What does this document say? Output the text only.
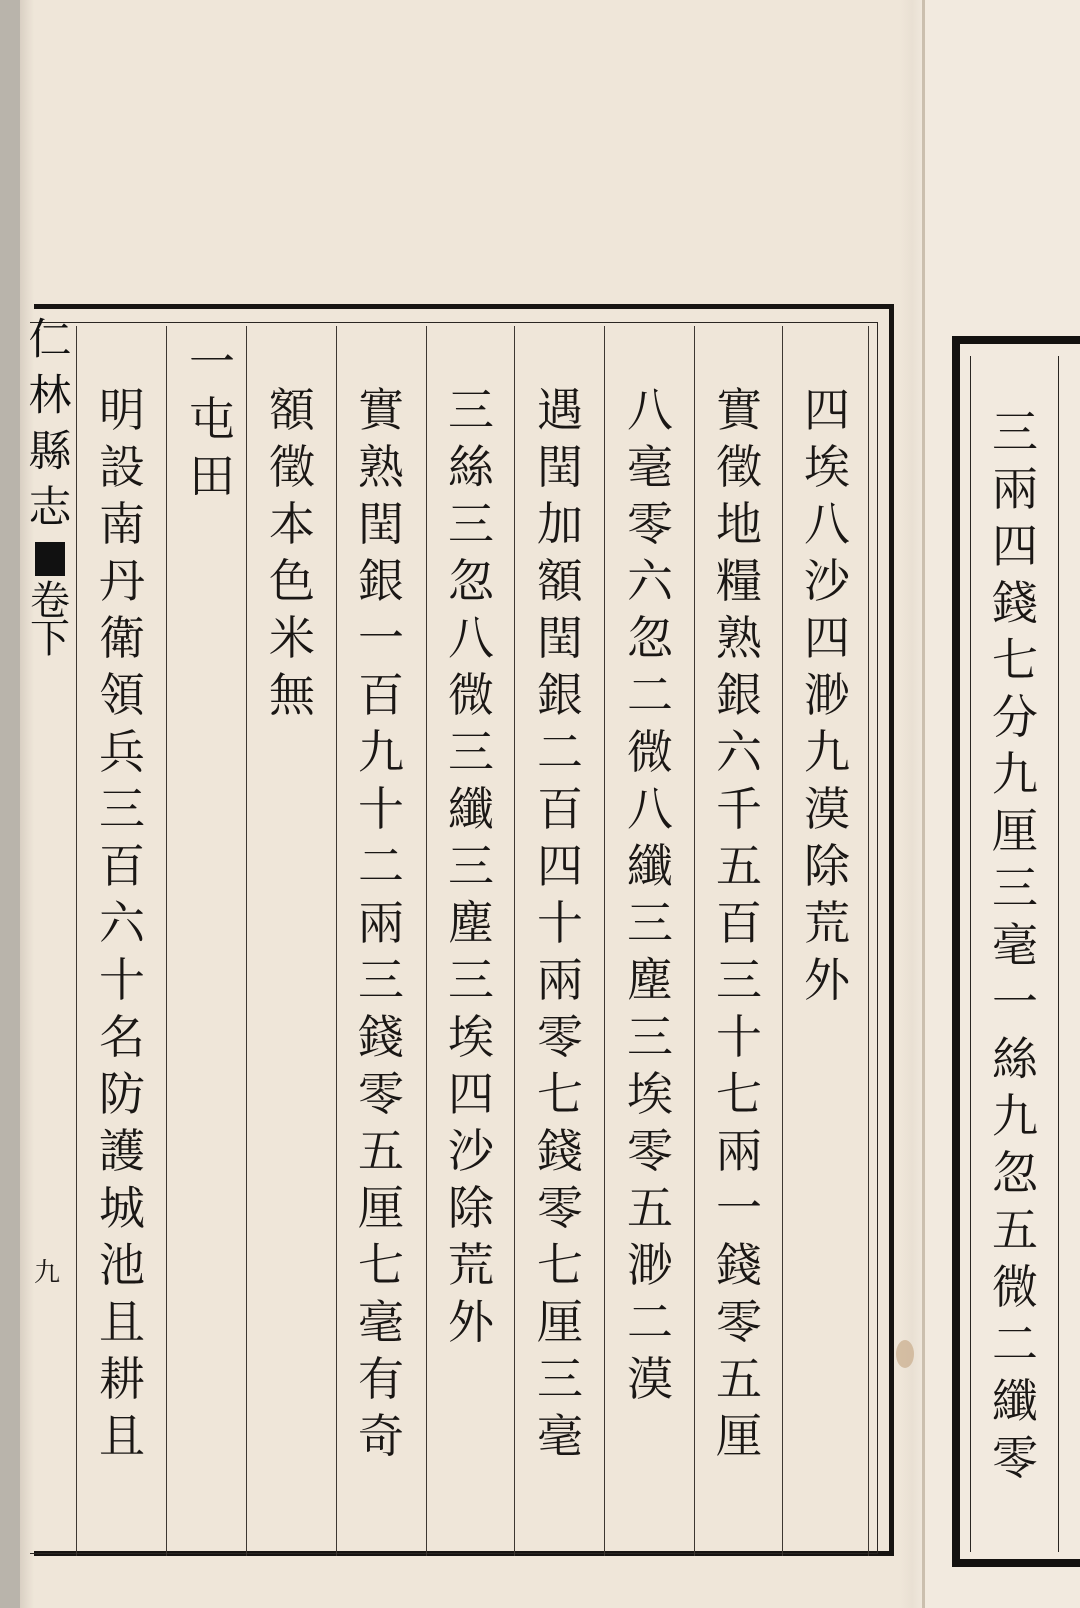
仁
林
縣
志
卷
下
九
四
埃
八
沙
四
渺
九
漠
除
荒
外
實
徵
地
糧
熟
銀
六
千
五
百
三
十
七
兩
一
錢
零
五
厘
八
毫
零
六
忽
二
微
八
纖
三
塵
三
埃
零
五
渺
二
漠
遇
閏
加
額
閏
銀
二
百
四
十
兩
零
七
錢
零
七
厘
三
毫
三
絲
三
忽
八
微
三
纖
三
塵
三
埃
四
沙
除
荒
外
實
熟
閏
銀
一
百
九
十
二
兩
三
錢
零
五
厘
七
毫
有
奇
額
徵
本
色
米
無
一
屯
田
明
設
南
丹
衛
領
兵
三
百
六
十
名
防
護
城
池
且
耕
且
三
兩
四
錢
七
分
九
厘
三
毫
一
絲
九
忽
五
微
二
纖
零
